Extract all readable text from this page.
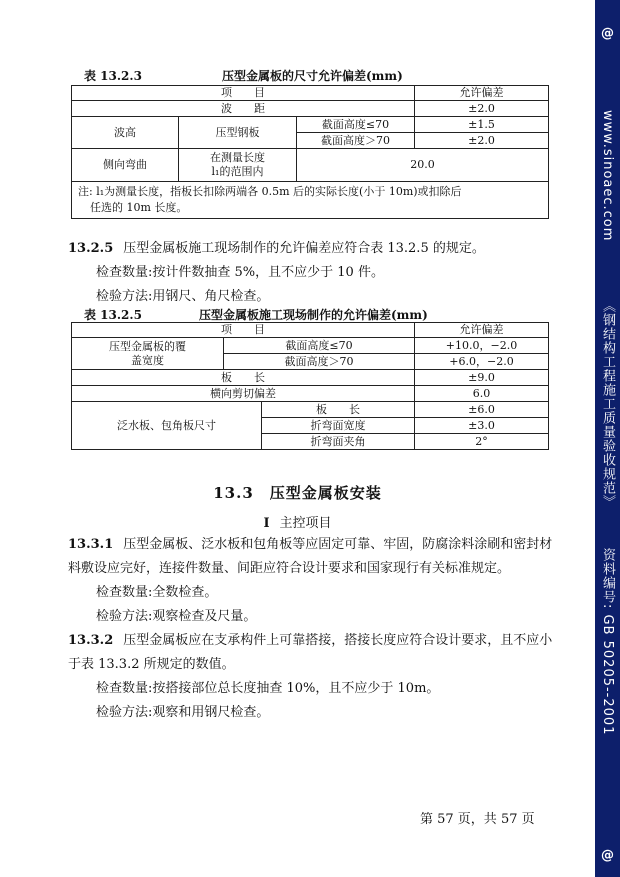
@
www.sinoaec.com 《钢结构工程施工质量验收规范》 资料编号: GB 50205--2001
@
表 13.2.3	压型金属板的尺寸允许偏差(mm)
项　　目			允许偏差
波　　距			±2.0
波高	压型钢板	截面高度≤70	±1.5
		截面高度＞70	±2.0
侧向弯曲	在测量长度
l₁的范围内	20.0	

注: l₁为测量长度，指板长扣除两端各 0.5m 后的实际长度(小于 10m)或扣除后
任选的 10m 长度。			
13.2.5 压型金属板施工现场制作的允许偏差应符合表 13.2.5 的规定。
检查数量:按计件数抽查 5%，且不应少于 10 件。
检验方法:用钢尺、角尺检查。
表 13.2.5	压型金属板施工现场制作的允许偏差(mm)
项　　目			允许偏差

压型金属板的覆
盖宽度	截面高度≤70		+10.0，−2.0
	截面高度＞70		+6.0，−2.0
板　　长			±9.0
横向剪切偏差			6.0
泛水板、包角板尺寸		板　　长	±6.0
		折弯面宽度	±3.0
		折弯面夹角	2°
13.3 压型金属板安装
I 主控项目
13.3.1 压型金属板、泛水板和包角板等应固定可靠、牢固，防腐涂料涂刷和密封材
料敷设应完好，连接件数量、间距应符合设计要求和国家现行有关标准规定。
检查数量:全数检查。
检验方法:观察检查及尺量。
13.3.2 压型金属板应在支承构件上可靠搭接，搭接长度应符合设计要求，且不应小
于表 13.3.2 所规定的数值。
检查数量:按搭接部位总长度抽查 10%，且不应少于 10m。
检验方法:观察和用钢尺检查。
第 57 页，共 57 页
